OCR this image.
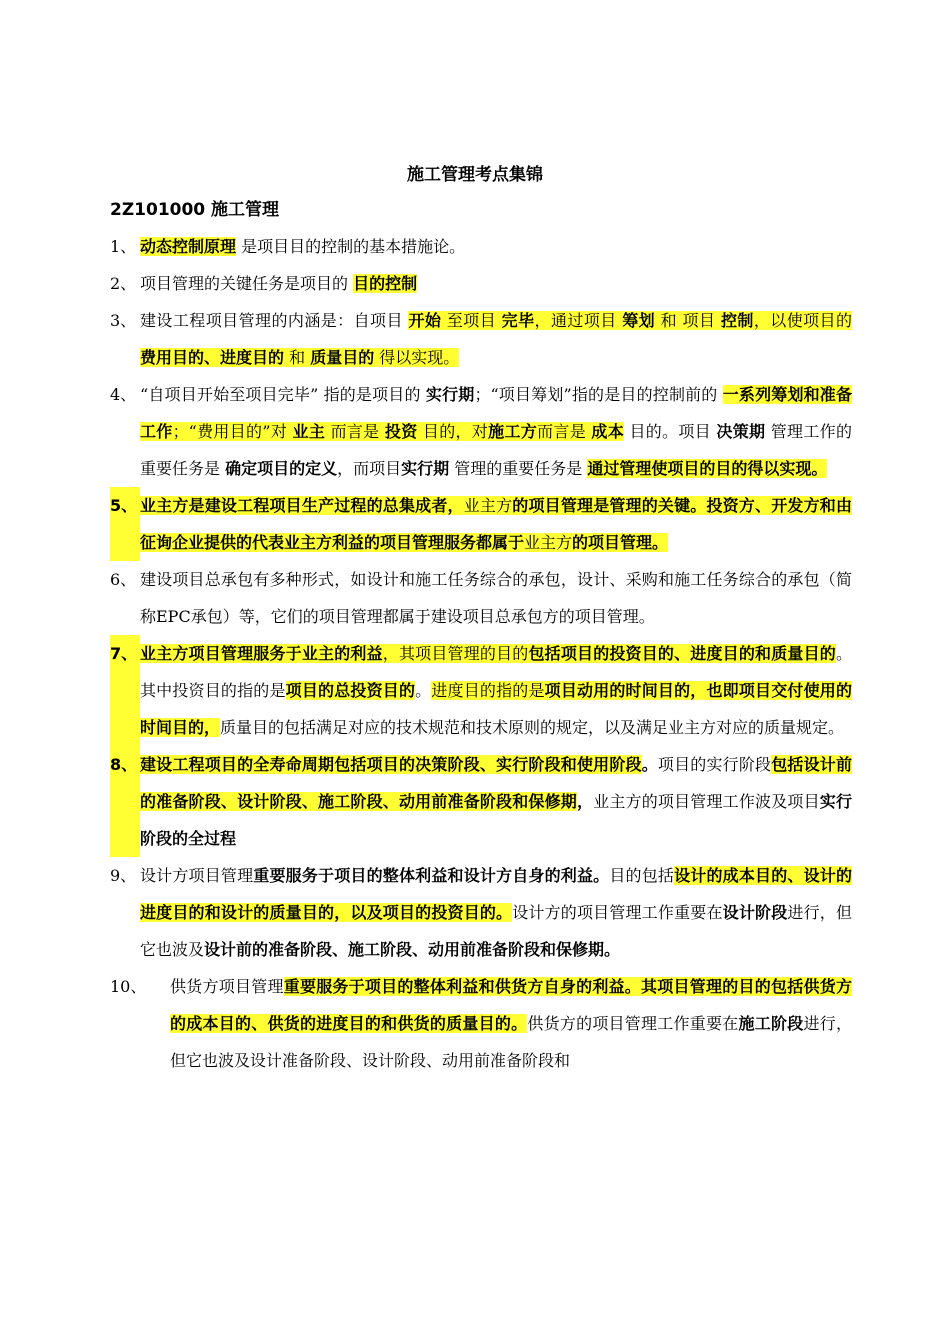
施工管理考点集锦
2Z101000 施工管理
1、 动态控制原理 是项目目的控制的基本措施论。
2、 项目管理的关键任务是项目的 目的控制
3、 建设工程项目管理的内涵是：自项目 开始 至项目 完毕，通过项目 筹划 和 项目 控制，以使项目的 费用目的、进度目的 和 质量目的 得以实现。
4、 “自项目开始至项目完毕” 指的是项目的 实行期；“项目筹划”指的是目的控制前的 一系列筹划和准备工作；“费用目的”对 业主 而言是 投资 目的，对施工方而言是 成本 目的。项目 决策期 管理工作的重要任务是 确定项目的定义，而项目实行期 管理的重要任务是 通过管理使项目的目的得以实现。
5、 业主方是建设工程项目生产过程的总集成者，业主方的项目管理是管理的关键。投资方、开发方和由征询企业提供的代表业主方利益的项目管理服务都属于业主方的项目管理。
6、 建设项目总承包有多种形式，如设计和施工任务综合的承包，设计、采购和施工任务综合的承包（简称EPC承包）等，它们的项目管理都属于建设项目总承包方的项目管理。
7、 业主方项目管理服务于业主的利益，其项目管理的目的包括项目的投资目的、进度目的和质量目的。其中投资目的指的是项目的总投资目的。进度目的指的是项目动用的时间目的，也即项目交付使用的时间目的，质量目的包括满足对应的技术规范和技术原则的规定，以及满足业主方对应的质量规定。
8、 建设工程项目的全寿命周期包括项目的决策阶段、实行阶段和使用阶段。项目的实行阶段包括设计前的准备阶段、设计阶段、施工阶段、动用前准备阶段和保修期，业主方的项目管理工作波及项目实行阶段的全过程
9、 设计方项目管理重要服务于项目的整体利益和设计方自身的利益。目的包括设计的成本目的、设计的进度目的和设计的质量目的，以及项目的投资目的。设计方的项目管理工作重要在设计阶段进行，但它也波及设计前的准备阶段、施工阶段、动用前准备阶段和保修期。
10、	供货方项目管理重要服务于项目的整体利益和供货方自身的利益。其项目管理的目的包括供货方的成本目的、供货的进度目的和供货的质量目的。供货方的项目管理工作重要在施工阶段进行，但它也波及设计准备阶段、设计阶段、动用前准备阶段和
